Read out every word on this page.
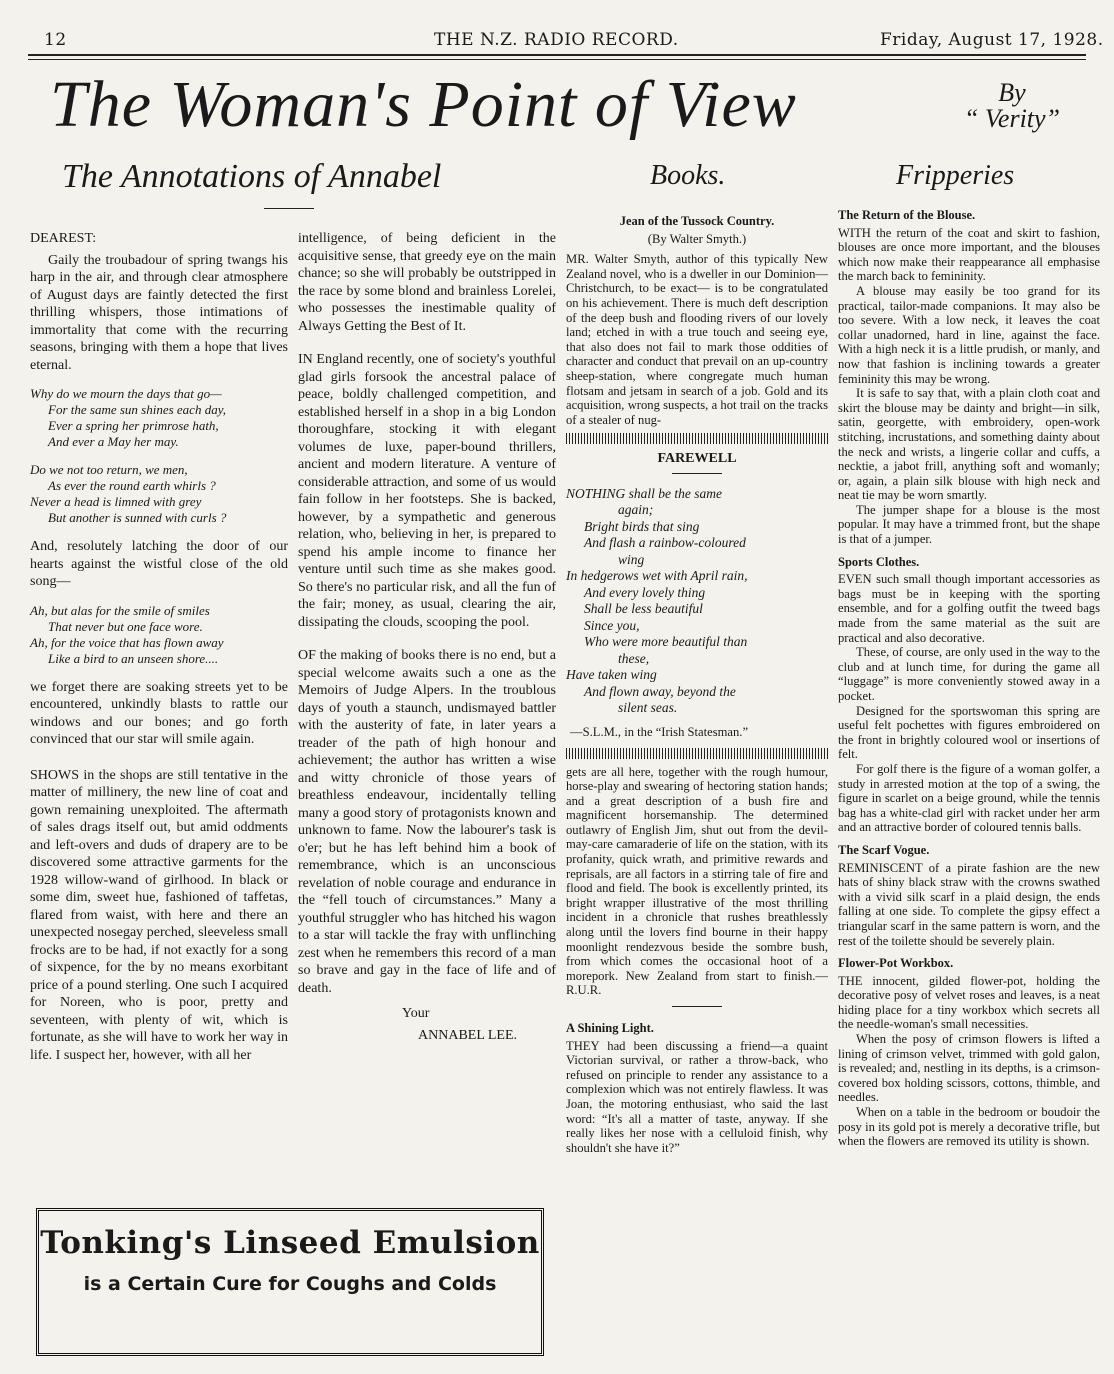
12	THE N.Z. RADIO RECORD.	Friday, August 17, 1928.
The Woman's Point of View	By
“ Verity”
The Annotations of Annabel	Books.	Fripperies

DEAREST:

Gaily the troubadour of spring twangs his harp in the air, and through clear atmosphere of August days are faintly detected the first thrilling whispers, those intimations of immortality that come with the recurring seasons, bringing with them a hope that lives eternal.

Why do we mourn the days that go—
For the same sun shines each day,
Ever a spring her primrose hath,
And ever a May her may.
Do we not too return, we men,
As ever the round earth whirls ?
Never a head is limned with grey
But another is sunned with curls ?

And, resolutely latching the door of our hearts against the wistful close of the old song—

Ah, but alas for the smile of smiles
That never but one face wore.
Ah, for the voice that has flown away
Like a bird to an unseen shore....

we forget there are soaking streets yet to be encountered, unkindly blasts to rattle our windows and our bones; and go forth convinced that our star will smile again.

SHOWS in the shops are still tentative in the matter of millinery, the new line of coat and gown remaining unexploited. The aftermath of sales drags itself out, but amid oddments and left-overs and duds of drapery are to be discovered some attractive garments for the 1928 willow-wand of girlhood. In black or some dim, sweet hue, fashioned of taffetas, flared from waist, with here and there an unexpected nosegay perched, sleeveless small frocks are to be had, if not exactly for a song of sixpence, for the by no means exorbitant price of a pound sterling. One such I acquired for Noreen, who is poor, pretty and seventeen, with plenty of wit, which is fortunate, as she will have to work her way in life. I suspect her, however, with all her

intelligence, of being deficient in the acquisitive sense, that greedy eye on the main chance; so she will probably be outstripped in the race by some blond and brainless Lorelei, who possesses the inestimable quality of Always Getting the Best of It.

IN England recently, one of society's youthful glad girls forsook the ancestral palace of peace, boldly challenged competition, and established herself in a shop in a big London thoroughfare, stocking it with elegant volumes de luxe, paper-bound thrillers, ancient and modern literature. A venture of considerable attraction, and some of us would fain follow in her footsteps. She is backed, however, by a sympathetic and generous relation, who, believing in her, is prepared to spend his ample income to finance her venture until such time as she makes good. So there's no particular risk, and all the fun of the fair; money, as usual, clearing the air, dissipating the clouds, scooping the pool.

OF the making of books there is no end, but a special welcome awaits such a one as the Memoirs of Judge Alpers. In the troublous days of youth a staunch, undismayed battler with the austerity of fate, in later years a treader of the path of high honour and achievement; the author has written a wise and witty chronicle of those years of breathless endeavour, incidentally telling many a good story of protagonists known and unknown to fame. Now the labourer's task is o'er; but he has left behind him a book of remembrance, which is an unconscious revelation of noble courage and endurance in the “fell touch of circumstances.” Many a youthful struggler who has hitched his wagon to a star will tackle the fray with unflinching zest when he remembers this record of a man so brave and gay in the face of life and of death.

Your
ANNABEL LEE.
Tonking's Linseed Emulsion
is a Certain Cure for Coughs and Colds
Jean of the Tussock Country.
(By Walter Smyth.)

MR. Walter Smyth, author of this typically New Zealand novel, who is a dweller in our Dominion—Christchurch, to be exact— is to be congratulated on his achievement. There is much deft description of the deep bush and flooding rivers of our lovely land; etched in with a true touch and seeing eye, that also does not fail to mark those oddities of character and conduct that prevail on an up-country sheep-station, where congregate much human flotsam and jetsam in search of a job. Gold and its acquisition, wrong suspects, a hot trail on the tracks of a stealer of nug-

FAREWELL
NOTHING shall be the same
again;
Bright birds that sing
And flash a rainbow-coloured
wing
In hedgerows wet with April rain,
And every lovely thing
Shall be less beautiful
Since you,
Who were more beautiful than
these,
Have taken wing
And flown away, beyond the
silent seas.
—S.L.M., in the “Irish Statesman.”

gets are all here, together with the rough humour, horse-play and swearing of hectoring station hands; and a great description of a bush fire and magnificent horsemanship. The determined outlawry of English Jim, shut out from the devil-may-care camaraderie of life on the station, with its profanity, quick wrath, and primitive rewards and reprisals, are all factors in a stirring tale of fire and flood and field. The book is excellently printed, its bright wrapper illustrative of the most thrilling incident in a chronicle that rushes breathlessly along until the lovers find bourne in their happy moonlight rendezvous beside the sombre bush, from which comes the occasional hoot of a morepork. New Zealand from start to finish.—R.U.R.

A Shining Light.

THEY had been discussing a friend—a quaint Victorian survival, or rather a throw-back, who refused on principle to render any assistance to a complexion which was not entirely flawless. It was Joan, the motoring enthusiast, who said the last word: “It's all a matter of taste, anyway. If she really likes her nose with a celluloid finish, why shouldn't she have it?”

The Return of the Blouse.

WITH the return of the coat and skirt to fashion, blouses are once more important, and the blouses which now make their reappearance all emphasise the march back to femininity.

A blouse may easily be too grand for its practical, tailor-made companions. It may also be too severe. With a low neck, it leaves the coat collar unadorned, hard in line, against the face. With a high neck it is a little prudish, or manly, and now that fashion is inclining towards a greater femininity this may be wrong.

It is safe to say that, with a plain cloth coat and skirt the blouse may be dainty and bright—in silk, satin, georgette, with embroidery, open-work stitching, incrustations, and something dainty about the neck and wrists, a lingerie collar and cuffs, a necktie, a jabot frill, anything soft and womanly; or, again, a plain silk blouse with high neck and neat tie may be worn smartly.

The jumper shape for a blouse is the most popular. It may have a trimmed front, but the shape is that of a jumper.

Sports Clothes.

EVEN such small though important accessories as bags must be in keeping with the sporting ensemble, and for a golfing outfit the tweed bags made from the same material as the suit are practical and also decorative.

These, of course, are only used in the way to the club and at lunch time, for during the game all “luggage” is more conveniently stowed away in a pocket.

Designed for the sportswoman this spring are useful felt pochettes with figures embroidered on the front in brightly coloured wool or insertions of felt.

For golf there is the figure of a woman golfer, a study in arrested motion at the top of a swing, the figure in scarlet on a beige ground, while the tennis bag has a white-clad girl with racket under her arm and an attractive border of coloured tennis balls.

The Scarf Vogue.

REMINISCENT of a pirate fashion are the new hats of shiny black straw with the crowns swathed with a vivid silk scarf in a plaid design, the ends falling at one side. To complete the gipsy effect a triangular scarf in the same pattern is worn, and the rest of the toilette should be severely plain.

Flower-Pot Workbox.

THE innocent, gilded flower-pot, holding the decorative posy of velvet roses and leaves, is a neat hiding place for a tiny workbox which secrets all the needle-woman's small necessities.

When the posy of crimson flowers is lifted a lining of crimson velvet, trimmed with gold galon, is revealed; and, nestling in its depths, is a crimson-covered box holding scissors, cottons, thimble, and needles.

When on a table in the bedroom or boudoir the posy in its gold pot is merely a decorative trifle, but when the flowers are removed its utility is shown.
